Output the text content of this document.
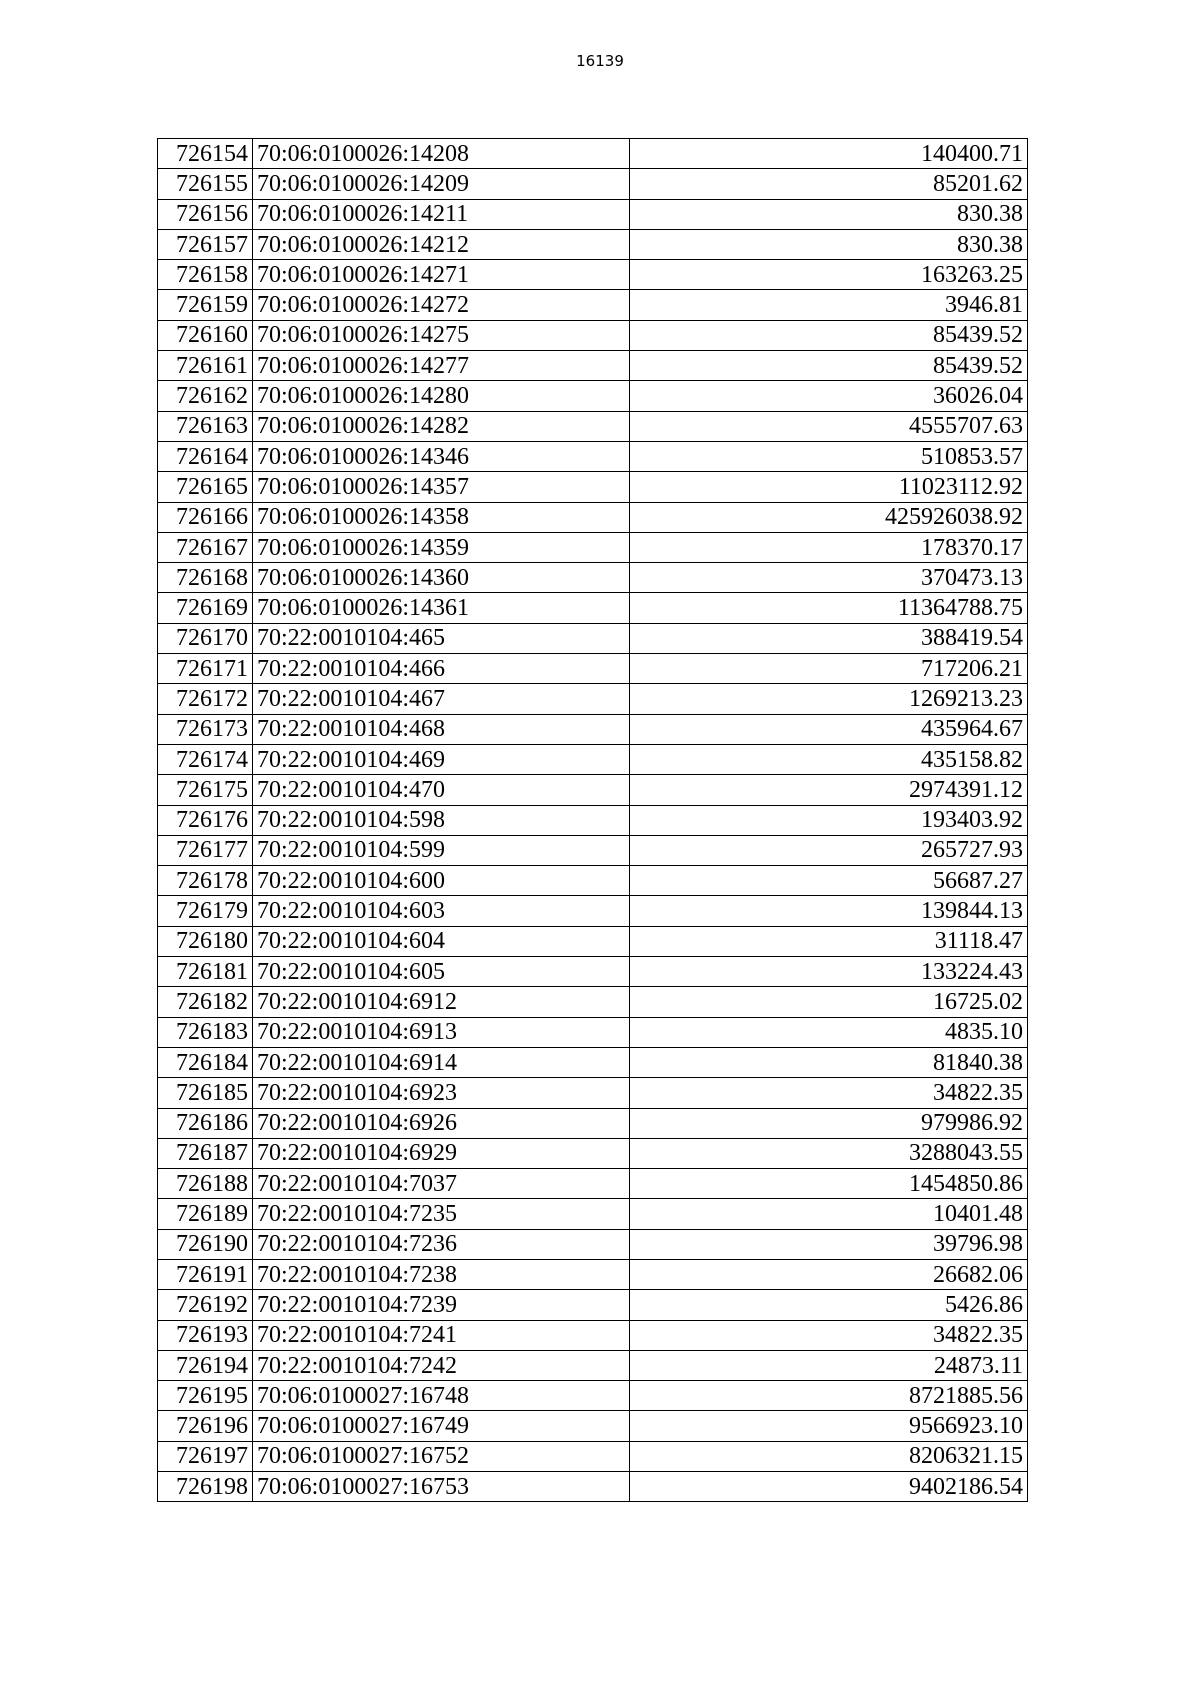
16139
726154	70:06:0100026:14208	140400.71
726155	70:06:0100026:14209	85201.62
726156	70:06:0100026:14211	830.38
726157	70:06:0100026:14212	830.38
726158	70:06:0100026:14271	163263.25
726159	70:06:0100026:14272	3946.81
726160	70:06:0100026:14275	85439.52
726161	70:06:0100026:14277	85439.52
726162	70:06:0100026:14280	36026.04
726163	70:06:0100026:14282	4555707.63
726164	70:06:0100026:14346	510853.57
726165	70:06:0100026:14357	11023112.92
726166	70:06:0100026:14358	425926038.92
726167	70:06:0100026:14359	178370.17
726168	70:06:0100026:14360	370473.13
726169	70:06:0100026:14361	11364788.75
726170	70:22:0010104:465	388419.54
726171	70:22:0010104:466	717206.21
726172	70:22:0010104:467	1269213.23
726173	70:22:0010104:468	435964.67
726174	70:22:0010104:469	435158.82
726175	70:22:0010104:470	2974391.12
726176	70:22:0010104:598	193403.92
726177	70:22:0010104:599	265727.93
726178	70:22:0010104:600	56687.27
726179	70:22:0010104:603	139844.13
726180	70:22:0010104:604	31118.47
726181	70:22:0010104:605	133224.43
726182	70:22:0010104:6912	16725.02
726183	70:22:0010104:6913	4835.10
726184	70:22:0010104:6914	81840.38
726185	70:22:0010104:6923	34822.35
726186	70:22:0010104:6926	979986.92
726187	70:22:0010104:6929	3288043.55
726188	70:22:0010104:7037	1454850.86
726189	70:22:0010104:7235	10401.48
726190	70:22:0010104:7236	39796.98
726191	70:22:0010104:7238	26682.06
726192	70:22:0010104:7239	5426.86
726193	70:22:0010104:7241	34822.35
726194	70:22:0010104:7242	24873.11
726195	70:06:0100027:16748	8721885.56
726196	70:06:0100027:16749	9566923.10
726197	70:06:0100027:16752	8206321.15
726198	70:06:0100027:16753	9402186.54
